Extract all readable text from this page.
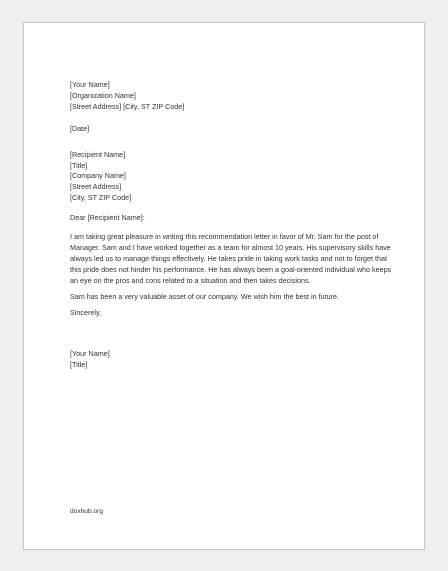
[Your Name]
[Organization Name]
[Street Address] [City, ST ZIP Code]
[Date]
[Recipient Name]
[Title]
[Company Name]
[Street Address]
[City, ST ZIP Code]
Dear [Recipient Name]:
I am taking great pleasure in writing this recommendation letter in favor of Mr. Sam for the post of Manager. Sam and I have worked together as a team for almost 10 years. His supervisory skills have always led us to manage things effectively. He takes pride in taking work tasks and not to forget that this pride does not hinder his performance. He has always been a goal-oriented individual who keeps an eye on the pros and cons related to a situation and then takes decisions.
Sam has been a very valuable asset of our company. We wish him the best in future.
Sincerely,
[Your Name]
[Title]
doxhub.org
